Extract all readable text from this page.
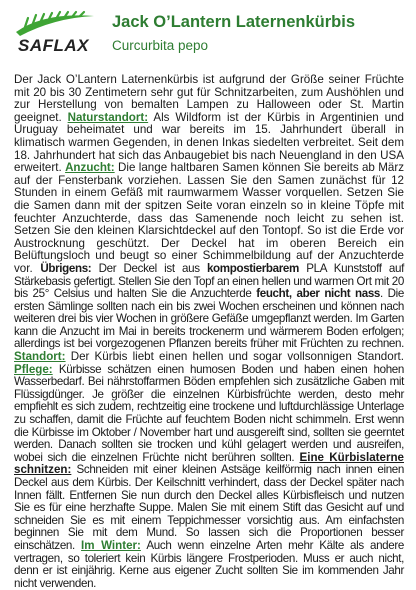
SAFLAX
Jack O’Lantern Laternenkürbis
Curcurbita pepo

Der Jack O’Lantern Laternenkürbis ist aufgrund der Größe seiner Früchte mit 20 bis 30 Zentimetern sehr gut für Schnitzarbeiten, zum Aushöhlen und zur Herstellung von bemalten Lampen zu Halloween oder St. Martin geeignet. Naturstandort: Als Wildform ist der Kürbis in Argentinien und Uruguay beheimatet und war bereits im 15. Jahrhundert überall in klimatisch warmen Gegenden, in denen Inkas siedelten verbreitet. Seit dem 18. Jahrhundert hat sich das Anbaugebiet bis nach Neuengland in den USA erweitert. Anzucht: Die lange haltbaren Samen können Sie bereits ab März auf der Fensterbank vorziehen. Lassen Sie den Samen zunächst für 12 Stunden in einem Gefäß mit raumwarmem Wasser vorquellen. Setzen Sie die Samen dann mit der spitzen Seite voran einzeln so in kleine Töpfe mit feuchter Anzuchterde, dass das Samenende noch leicht zu sehen ist. Setzen Sie den kleinen Klarsichtdeckel auf den Tontopf. So ist die Erde vor Austrocknung geschützt. Der Deckel hat im oberen Bereich ein Belüftungsloch und beugt so einer Schimmelbildung auf der Anzuchterde vor. Übrigens: Der Deckel ist aus kompostierbarem PLA Kunststoff auf Stärkebasis gefertigt. Stellen Sie den Topf an einen hellen und warmen Ort mit 20 bis 25° Celsius und halten Sie die Anzuchterde feucht, aber nicht nass. Die ersten Sämlinge sollten nach ein bis zwei Wochen erscheinen und können nach weiteren drei bis vier Wochen in größere Gefäße umgepflanzt werden. Im Garten kann die Anzucht im Mai in bereits trockenerm und wärmerem Boden erfolgen; allerdings ist bei vorgezogenen Pflanzen bereits früher mit Früchten zu rechnen. Standort: Der Kürbis liebt einen hellen und sogar vollsonnigen Standort. Pflege: Kürbisse schätzen einen humosen Boden und haben einen hohen Wasserbedarf. Bei nährstoffarmen Böden empfehlen sich zusätzliche Gaben mit Flüssigdünger. Je größer die einzelnen Kürbisfrüchte werden, desto mehr empfiehlt es sich zudem, rechtzeitig eine trockene und luftdurchlässige Unterlage zu schaffen, damit die Früchte auf feuchtem Boden nicht schimmeln. Erst wenn die Kürbisse im Oktober / November hart und ausgereift sind, sollten sie geerntet werden. Danach sollten sie trocken und kühl gelagert werden und ausreifen, wobei sich die einzelnen Früchte nicht berühren sollten. Eine Kürbislaterne schnitzen: Schneiden mit einer kleinen Astsäge keilförmig nach innen einen Deckel aus dem Kürbis. Der Keilschnitt verhindert, dass der Deckel später nach Innen fällt. Entfernen Sie nun durch den Deckel alles Kürbisfleisch und nutzen Sie es für eine herzhafte Suppe. Malen Sie mit einem Stift das Gesicht auf und schneiden Sie es mit einem Teppichmesser vorsichtig aus. Am einfachsten beginnen Sie mit dem Mund. So lassen sich die Proportionen besser einschätzen. Im Winter: Auch wenn einzelne Arten mehr Kälte als andere vertragen, so toleriert kein Kürbis längere Frostperioden. Muss er auch nicht, denn er ist einjährig. Kerne aus eigener Zucht sollten Sie im kommenden Jahr nicht verwenden.
